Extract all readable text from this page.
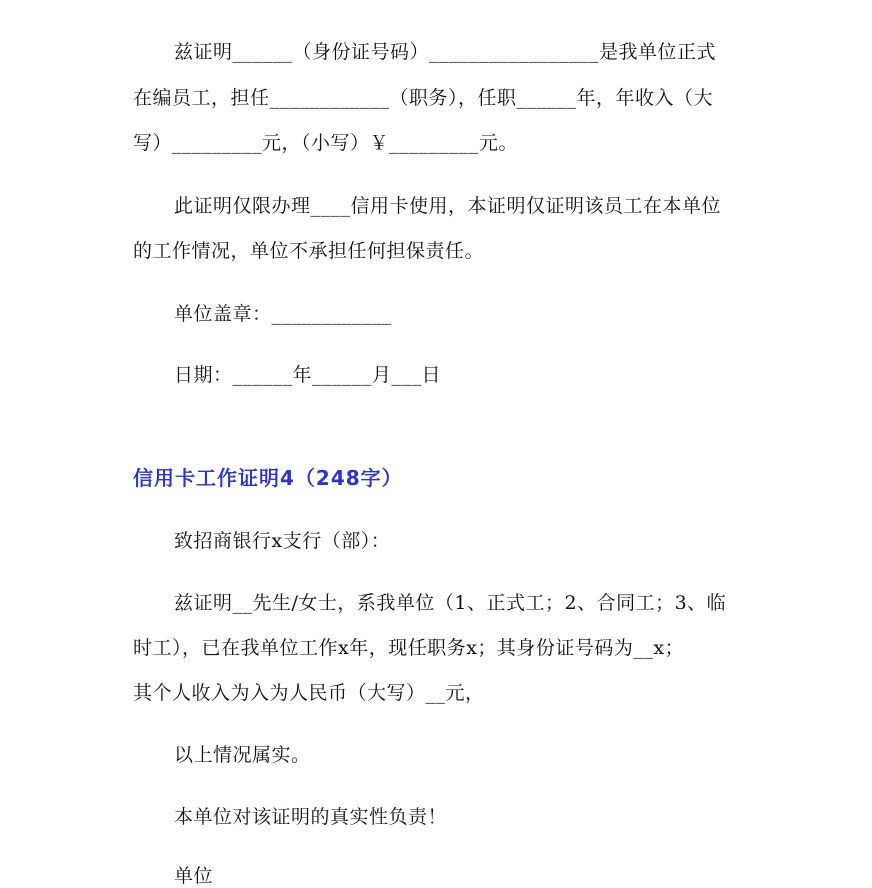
兹证明______（身份证号码）_________________是我单位正式
在编员工，担任____________（职务），任职______年，年收入（大
写）_________元，（小写）￥_________元。
此证明仅限办理____信用卡使用，本证明仅证明该员工在本单位
的工作情况，单位不承担任何担保责任。
单位盖章：____________
日期：______年______月___日
信用卡工作证明4（248字）
致招商银行x支行（部）：
兹证明__先生/女士，系我单位（1、正式工；2、合同工；3、临
时工），已在我单位工作x年，现任职务x；其身份证号码为__x；
其个人收入为入为人民币（大写）__元，
以上情况属实。
本单位对该证明的真实性负责！
单位
